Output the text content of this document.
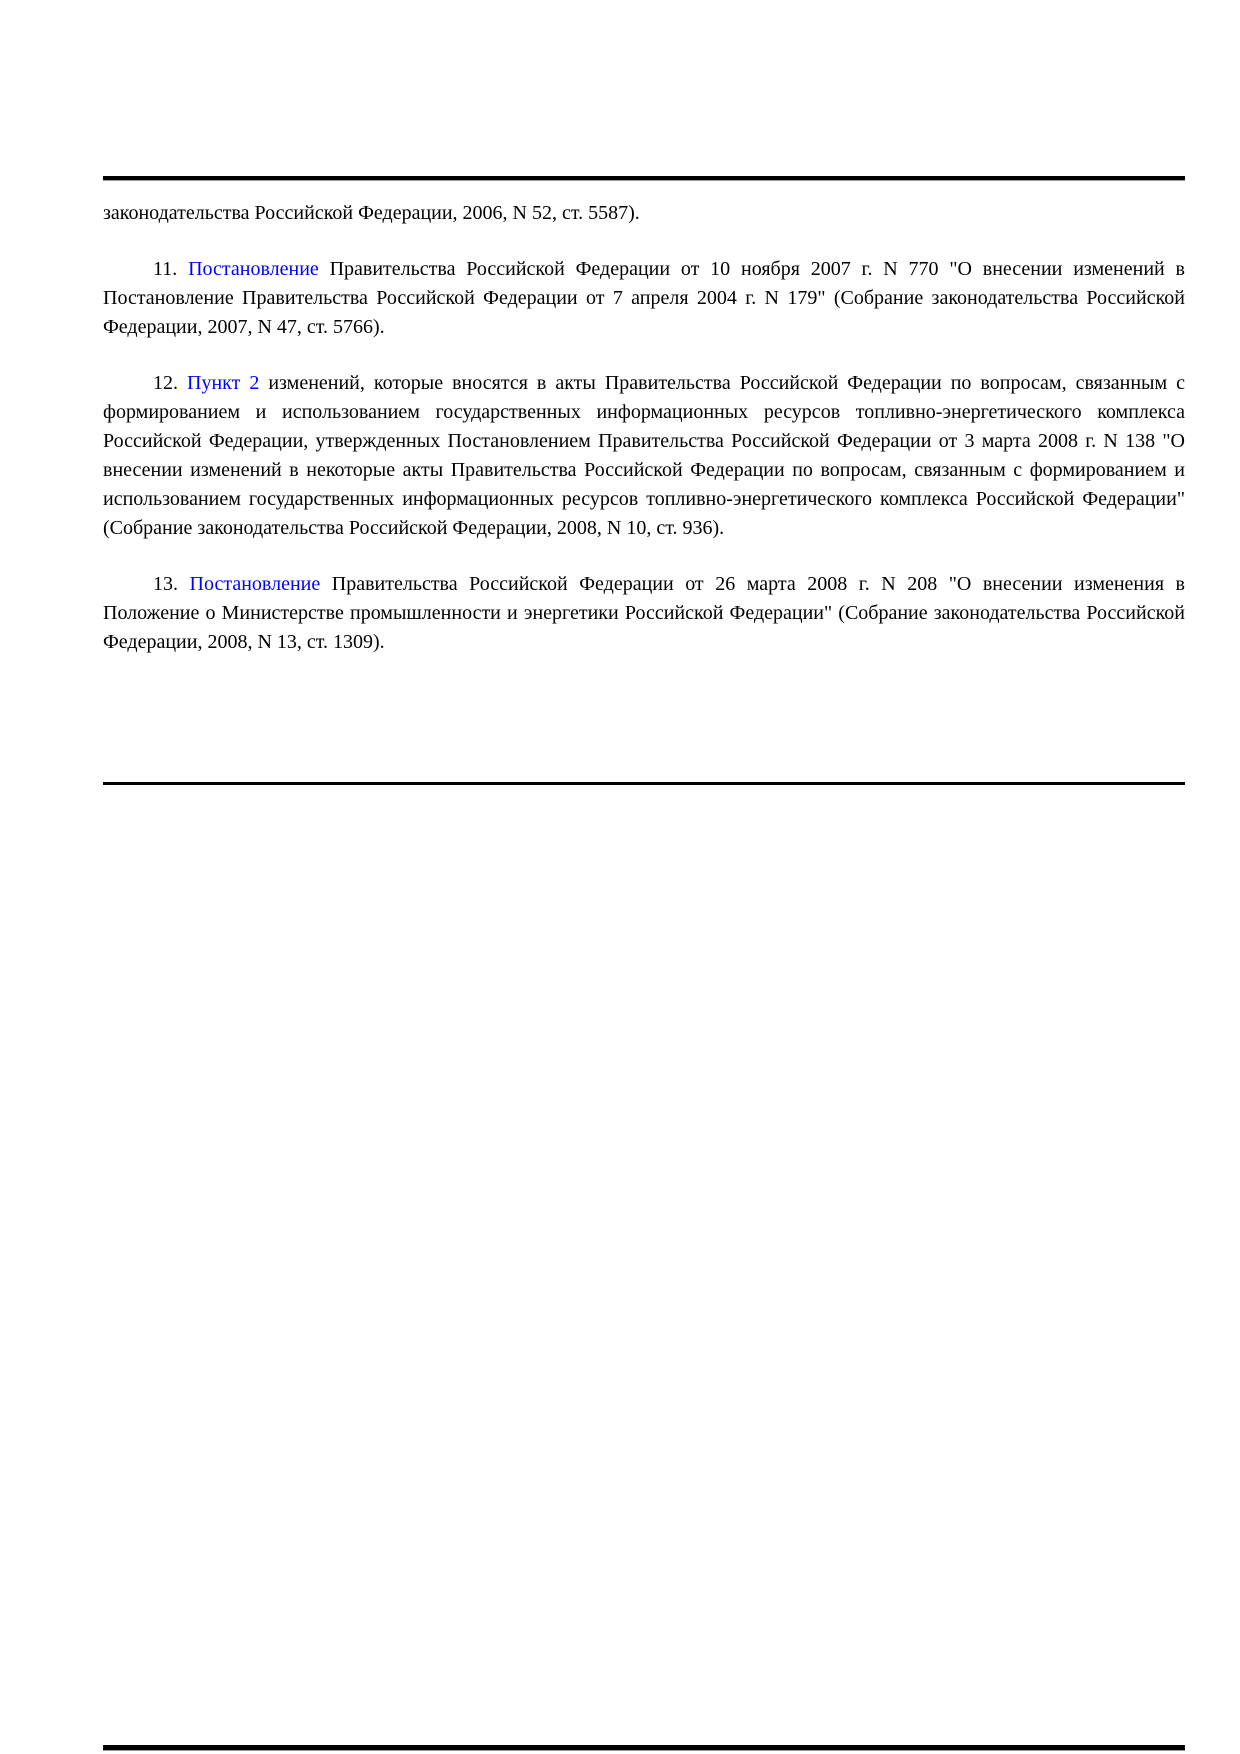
законодательства Российской Федерации, 2006, N 52, ст. 5587).

11. Постановление Правительства Российской Федерации от 10 ноября 2007 г. N 770 "О внесении изменений в Постановление Правительства Российской Федерации от 7 апреля 2004 г. N 179" (Собрание законодательства Российской Федерации, 2007, N 47, ст. 5766).

12. Пункт 2 изменений, которые вносятся в акты Правительства Российской Федерации по вопросам, связанным с формированием и использованием государственных информационных ресурсов топливно-энергетического комплекса Российской Федерации, утвержденных Постановлением Правительства Российской Федерации от 3 марта 2008 г. N 138 "О внесении изменений в некоторые акты Правительства Российской Федерации по вопросам, связанным с формированием и использованием государственных информационных ресурсов топливно-энергетического комплекса Российской Федерации" (Собрание законодательства Российской Федерации, 2008, N 10, ст. 936).

13. Постановление Правительства Российской Федерации от 26 марта 2008 г. N 208 "О внесении изменения в Положение о Министерстве промышленности и энергетики Российской Федерации" (Собрание законодательства Российской Федерации, 2008, N 13, ст. 1309).
